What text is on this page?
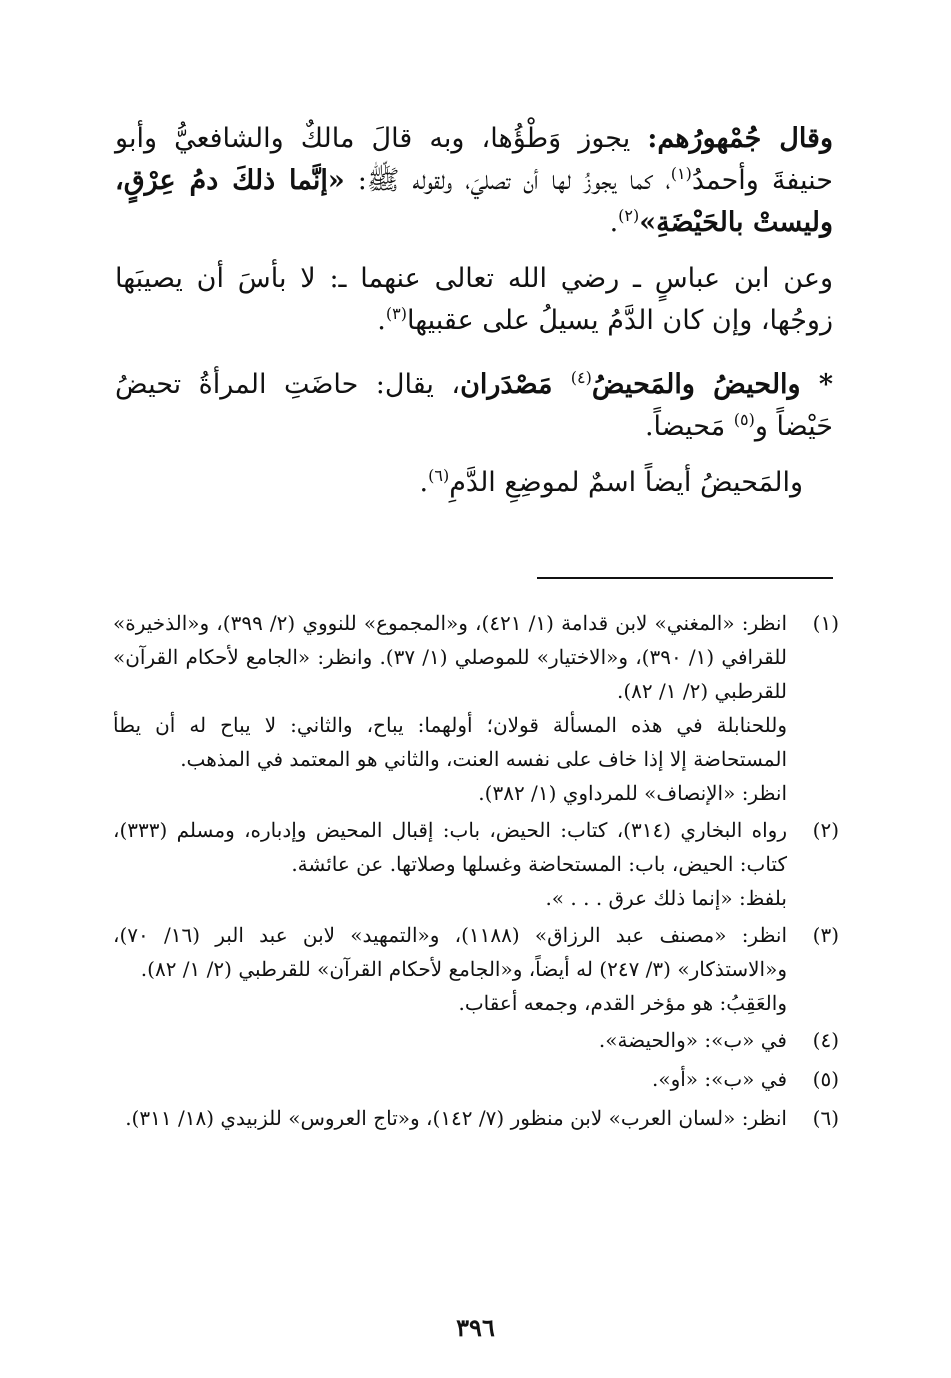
وقال جُمْهورُهم: يجوز وَطْؤُها، وبه قالَ مالكٌ والشافعيُّ وأبو حنيفةَ وأحمدُ$^{(١)}$، كما يجوزُ لها أن تصليَ، ولقوله ﷺ: «إنَّما ذلكَ دمُ عِرْقٍ، وليستْ بالحَيْضَةِ»$^{(٢)}$.

وعن ابن عباسٍ ـ رضي الله تعالى عنهما ـ: لا بأسَ أن يصيبَها زوجُها، وإن كان الدَّمُ يسيلُ على عقبيها$^{(٣)}$.

* والحيضُ والمَحيضُ$^{(٤)}$ مَصْدَران، يقال: حاضَتِ المرأةُ تحيضُ حَيْضاً و$^{(٥)}$ مَحيضاً.

والمَحيضُ أيضاً اسمٌ لموضِعِ الدَّمِ$^{(٦)}$.

(١)
انظر: «المغني» لابن قدامة (١/ ٤٢١)، و«المجموع» للنووي (٢/ ٣٩٩)، و«الذخيرة» للقرافي (١/ ٣٩٠)، و«الاختيار» للموصلي (١/ ٣٧). وانظر: «الجامع لأحكام القرآن» للقرطبي (٢/ ١/ ٨٢).
وللحنابلة في هذه المسألة قولان؛ أولهما: يباح، والثاني: لا يباح له أن يطأ المستحاضة إلا إذا خاف على نفسه العنت، والثاني هو المعتمد في المذهب.
انظر: «الإنصاف» للمرداوي (١/ ٣٨٢).
(٢)
رواه البخاري (٣١٤)، كتاب: الحيض، باب: إقبال المحيض وإدباره، ومسلم (٣٣٣)، كتاب: الحيض، باب: المستحاضة وغسلها وصلاتها. عن عائشة.
بلفظ: «إنما ذلك عرق . . . ».
(٣)
انظر: «مصنف عبد الرزاق» (١١٨٨)، و«التمهيد» لابن عبد البر (١٦/ ٧٠)، و«الاستذكار» (٣/ ٢٤٧) له أيضاً، و«الجامع لأحكام القرآن» للقرطبي (٢/ ١/ ٨٢).
والعَقِبُ: هو مؤخر القدم، وجمعه أعقاب.
(٤)
في «ب»: «والحيضة».
(٥)
في «ب»: «أو».
(٦)
انظر: «لسان العرب» لابن منظور (٧/ ١٤٢)، و«تاج العروس» للزبيدي (١٨/ ٣١١).
٣٩٦
